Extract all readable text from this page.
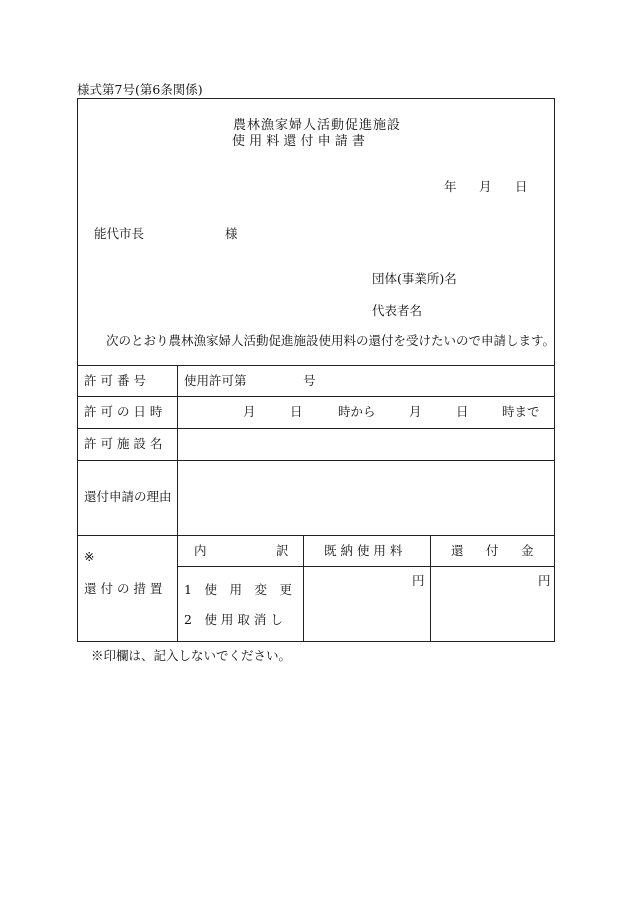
様式第7号(第6条関係)
農林漁家婦人活動促進施設
使 用 料 還 付 申 請 書
年 月 日
能代市長	様
団体(事業所)名
代表者名
次のとおり農林漁家婦人活動促進施設使用料の還付を受けたいので申請します。
許 可 番 号	使用許可第	号
許 可 の 日 時	月	日	時から	月	日	時まで
許 可 施 設 名
還付申請の理由
※
還 付 の 措 置
内	訳	既 納 使 用 料	還 付 金
1　使　用　変　更
2　使 用 取 消 し
円	円
※印欄は、記入しないでください。
